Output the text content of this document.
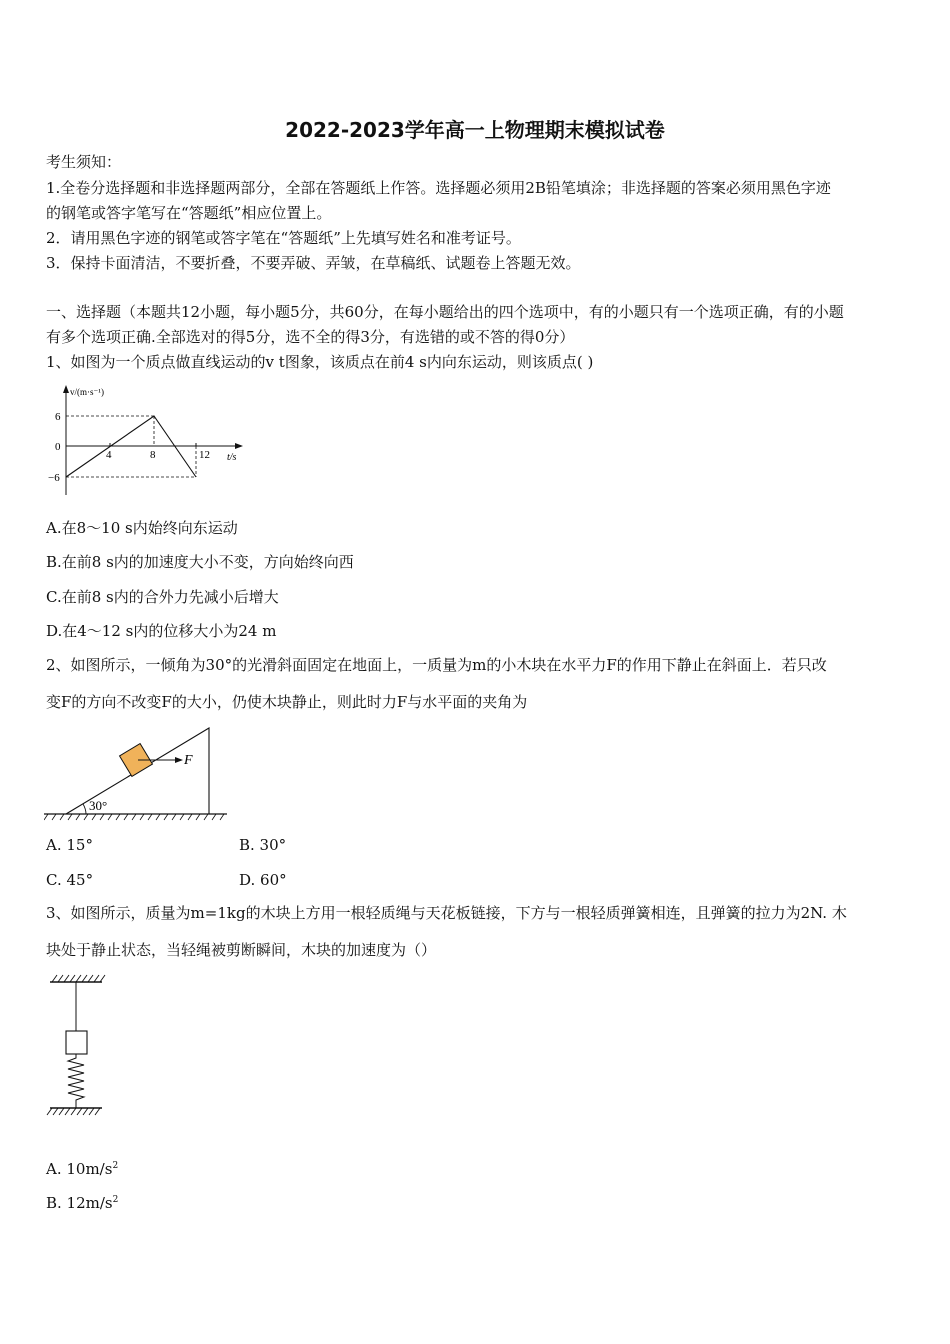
2022-2023学年高一上物理期末模拟试卷
考生须知：
1.全卷分选择题和非选择题两部分，全部在答题纸上作答。选择题必须用2B铅笔填涂；非选择题的答案必须用黑色字迹
的钢笔或答字笔写在“答题纸”相应位置上。
2．请用黑色字迹的钢笔或答字笔在“答题纸”上先填写姓名和准考证号。
3．保持卡面清洁，不要折叠，不要弄破、弄皱，在草稿纸、试题卷上答题无效。
一、选择题（本题共12小题，每小题5分，共60分，在每小题给出的四个选项中，有的小题只有一个选项正确，有的小题
有多个选项正确.全部选对的得5分，选不全的得3分，有选错的或不答的得0分）
1、如图为一个质点做直线运动的v t图象，该质点在前4 s内向东运动，则该质点( )
v/(m·s⁻¹)
t/s
6
0
−6
4	8	12
A.在8～10 s内始终向东运动
B.在前8 s内的加速度大小不变，方向始终向西
C.在前8 s内的合外力先减小后增大
D.在4～12 s内的位移大小为24 m
2、如图所示，一倾角为30°的光滑斜面固定在地面上，一质量为m的小木块在水平力F的作用下静止在斜面上．若只改
变F的方向不改变F的大小，仍使木块静止，则此时力F与水平面的夹角为
30°
F
A. 15°	B. 30°
C. 45°	D. 60°
3、如图所示，质量为m=1kg的木块上方用一根轻质绳与天花板链接，下方与一根轻质弹簧相连，且弹簧的拉力为2N. 木
块处于静止状态，当轻绳被剪断瞬间，木块的加速度为（）
A. $10m/s^2$
B. $12m/s^2$
